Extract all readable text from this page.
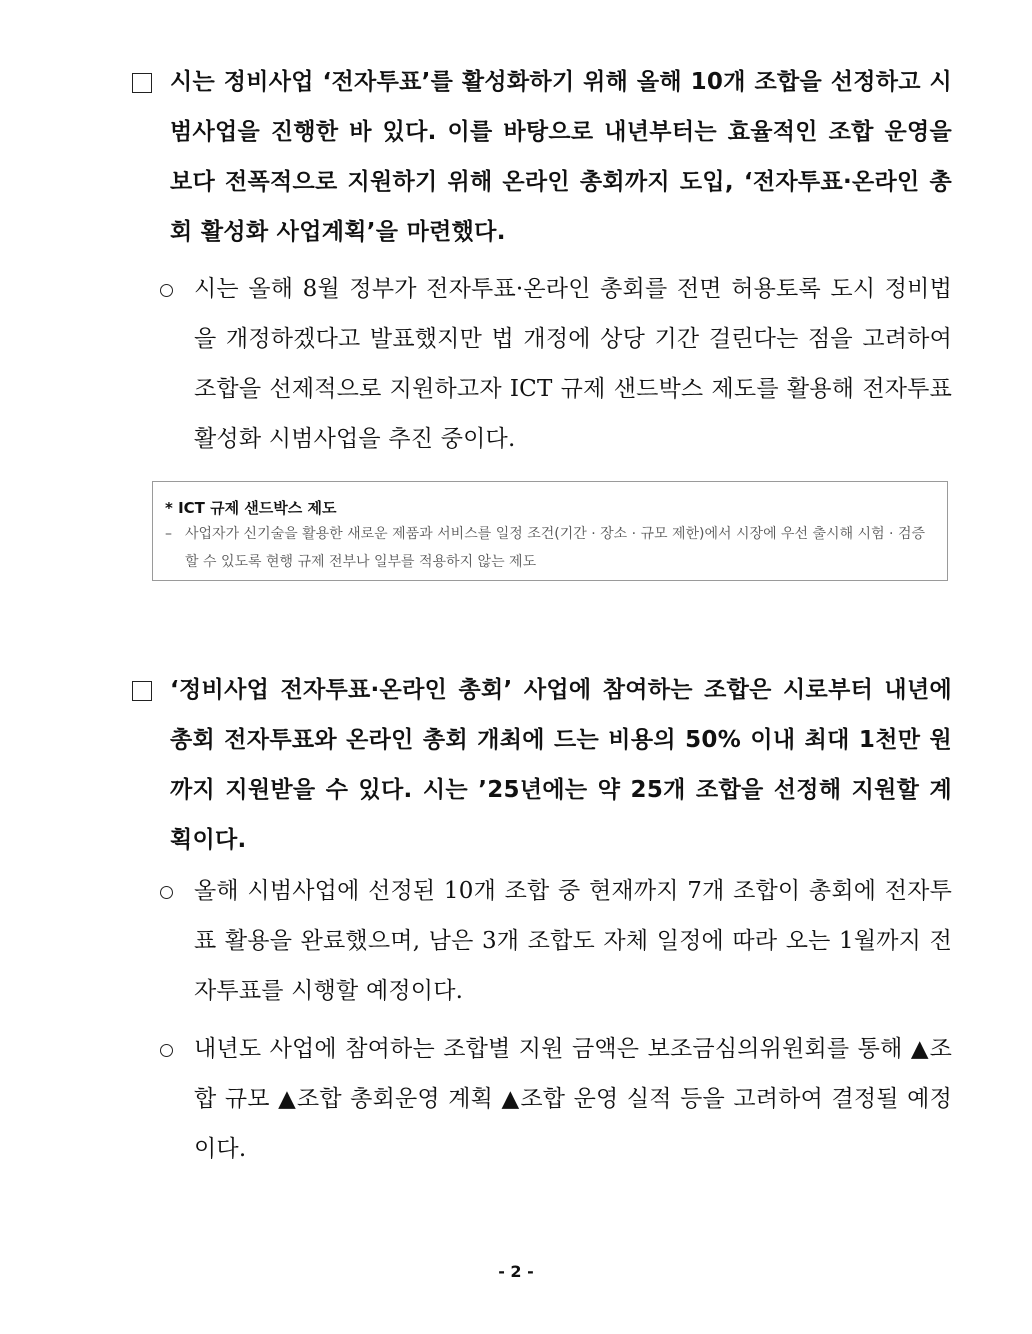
시는 정비사업 ‘전자투표’를 활성화하기 위해 올해 10개 조합을 선정하고 시범사업을 진행한 바 있다. 이를 바탕으로 내년부터는 효율적인 조합 운영을 보다 전폭적으로 지원하기 위해 온라인 총회까지 도입, ‘전자투표·온라인 총회 활성화 사업계획’을 마련했다.
시는 올해 8월 정부가 전자투표·온라인 총회를 전면 허용토록 도시 정비법을 개정하겠다고 발표했지만 법 개정에 상당 기간 걸린다는 점을 고려하여 조합을 선제적으로 지원하고자 ICT 규제 샌드박스 제도를 활용해 전자투표 활성화 시범사업을 추진 중이다.
* ICT 규제 샌드박스 제도
– 사업자가 신기술을 활용한 새로운 제품과 서비스를 일정 조건(기간 · 장소 · 규모 제한)에서 시장에 우선 출시해 시험 · 검증할 수 있도록 현행 규제 전부나 일부를 적용하지 않는 제도
‘정비사업 전자투표·온라인 총회’ 사업에 참여하는 조합은 시로부터 내년에 총회 전자투표와 온라인 총회 개최에 드는 비용의 50% 이내 최대 1천만 원까지 지원받을 수 있다. 시는 ’25년에는 약 25개 조합을 선정해 지원할 계획이다.
올해 시범사업에 선정된 10개 조합 중 현재까지 7개 조합이 총회에 전자투표 활용을 완료했으며, 남은 3개 조합도 자체 일정에 따라 오는 1월까지 전자투표를 시행할 예정이다.
내년도 사업에 참여하는 조합별 지원 금액은 보조금심의위원회를 통해 ▲조합 규모 ▲조합 총회운영 계획 ▲조합 운영 실적 등을 고려하여 결정될 예정이다.
- 2 -
